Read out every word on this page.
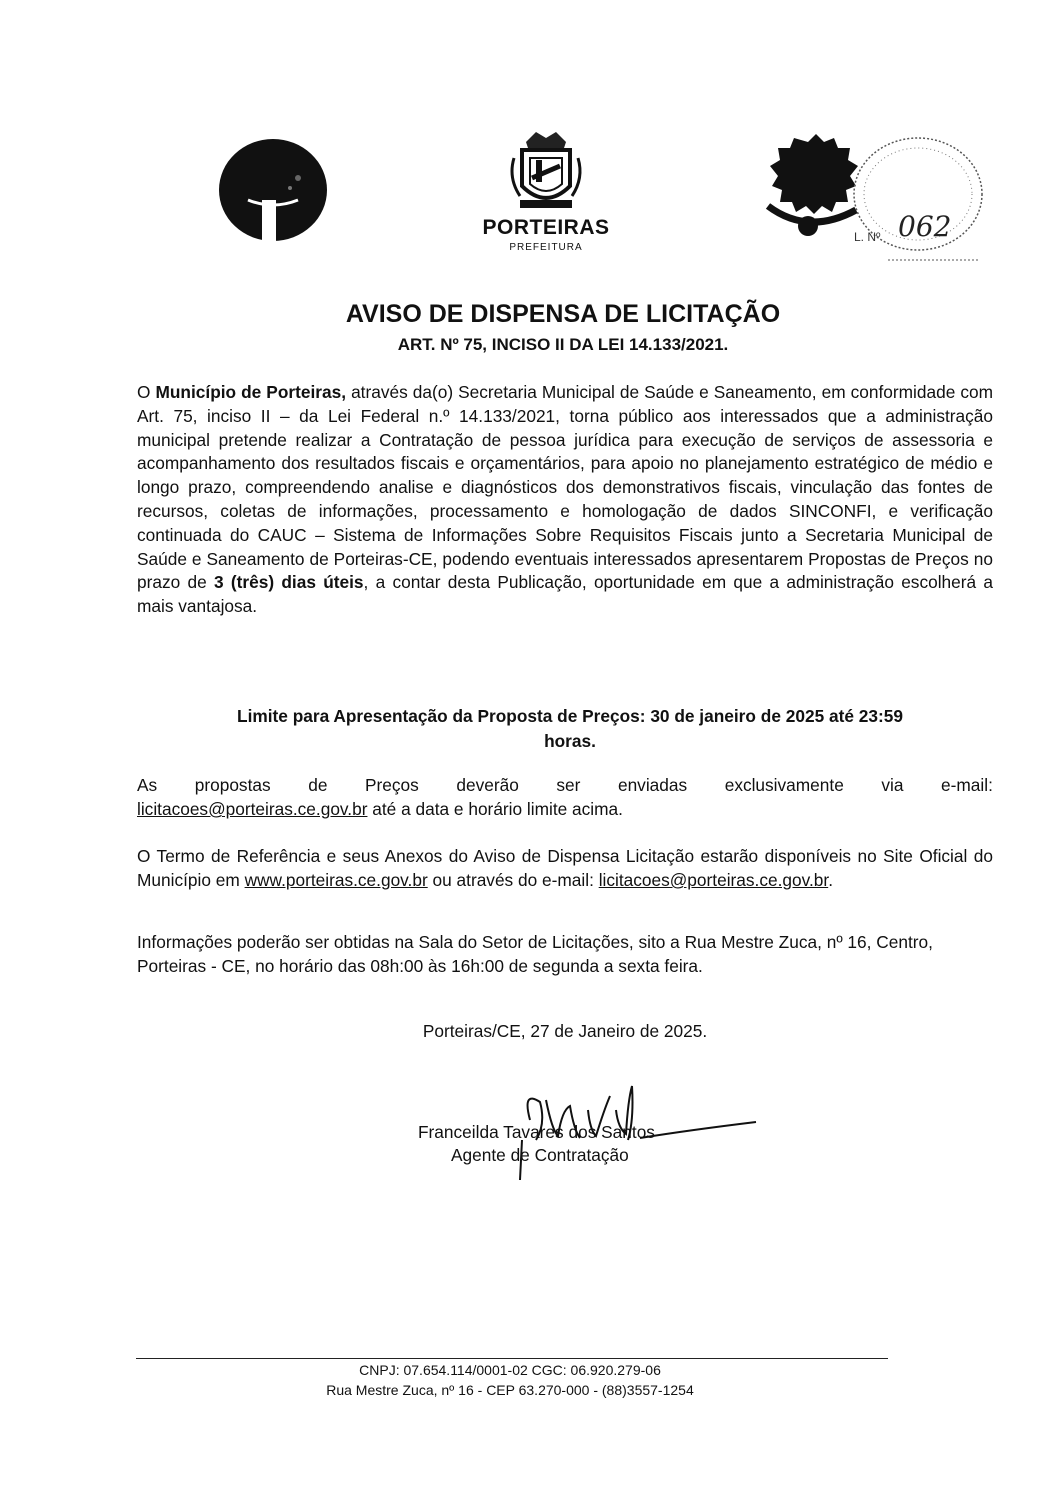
PORTEIRAS
PREFEITURA
L. Nº 062
AVISO DE DISPENSA DE LICITAÇÃO
ART. Nº 75, INCISO II DA LEI 14.133/2021.
O Município de Porteiras, através da(o) Secretaria Municipal de Saúde e Saneamento, em conformidade com Art. 75, inciso II – da Lei Federal n.º 14.133/2021, torna público aos interessados que a administração municipal pretende realizar a Contratação de pessoa jurídica para execução de serviços de assessoria e acompanhamento dos resultados fiscais e orçamentários, para apoio no planejamento estratégico de médio e longo prazo, compreendendo analise e diagnósticos dos demonstrativos fiscais, vinculação das fontes de recursos, coletas de informações, processamento e homologação de dados SINCONFI, e verificação continuada do CAUC – Sistema de Informações Sobre Requisitos Fiscais junto a Secretaria Municipal de Saúde e Saneamento de Porteiras-CE, podendo eventuais interessados apresentarem Propostas de Preços no prazo de 3 (três) dias úteis, a contar desta Publicação, oportunidade em que a administração escolherá a mais vantajosa.
Limite para Apresentação da Proposta de Preços: 30 de janeiro de 2025 até 23:59
horas.
As propostas de Preços deverão ser enviadas exclusivamente via e-mail:
licitacoes@porteiras.ce.gov.br até a data e horário limite acima.
O Termo de Referência e seus Anexos do Aviso de Dispensa Licitação estarão disponíveis no Site Oficial do Município em www.porteiras.ce.gov.br ou através do e-mail: licitacoes@porteiras.ce.gov.br.
Informações poderão ser obtidas na Sala do Setor de Licitações, sito a Rua Mestre Zuca, nº 16, Centro, Porteiras - CE, no horário das 08h:00 às 16h:00 de segunda a sexta feira.
Porteiras/CE, 27 de Janeiro de 2025.
Franceilda Tavares dos Santos
Agente de Contratação
CNPJ: 07.654.114/0001-02 CGC: 06.920.279-06
Rua Mestre Zuca, nº 16 - CEP 63.270-000 - (88)3557-1254
